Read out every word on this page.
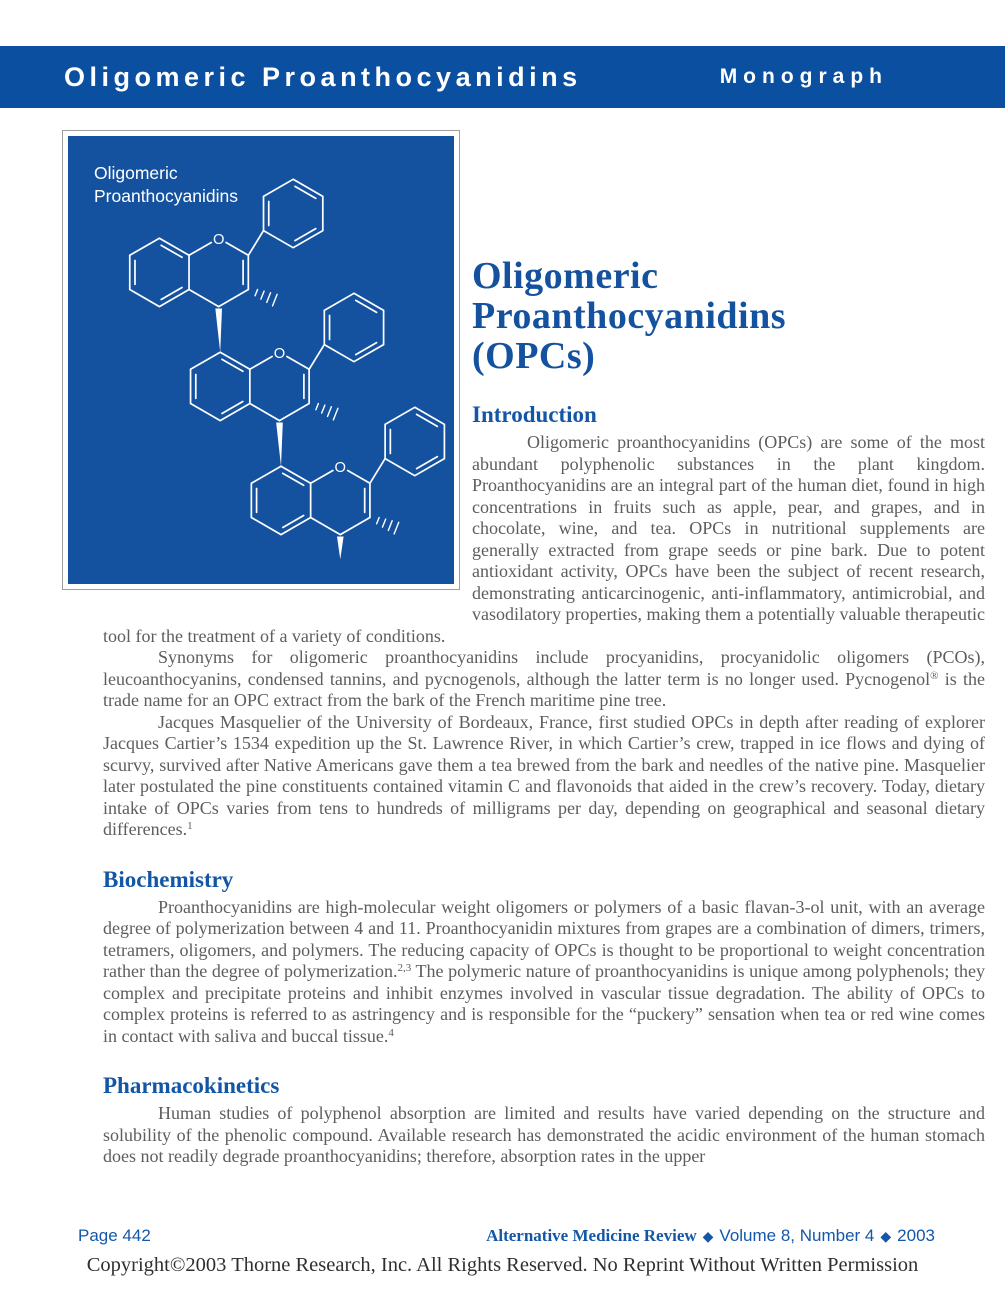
Oligomeric Proanthocyanidins	Monograph
Oligomeric
Proanthocyanidins
Oligomeric
Proanthocyanidins
(OPCs)
Introduction

Oligomeric proanthocyanidins (OPCs) are some of the most abundant polyphenolic substances in the plant kingdom. Proanthocyanidins are an integral part of the human diet, found in high concentrations in fruits such as apple, pear, and grapes, and in chocolate, wine, and tea. OPCs in nutritional supplements are generally extracted from grape seeds or pine bark. Due to potent antioxidant activity, OPCs have been the subject of recent research, demonstrating anticarcinogenic, anti-inflammatory, antimicrobial, and vasodilatory properties, making them a potentially valuable therapeutic tool for the treatment of a variety of conditions.

Synonyms for oligomeric proanthocyanidins include procyanidins, procyanidolic oligomers (PCOs), leucoanthocyanins, condensed tannins, and pycnogenols, although the latter term is no longer used. Pycnogenol® is the trade name for an OPC extract from the bark of the French maritime pine tree.

Jacques Masquelier of the University of Bordeaux, France, first studied OPCs in depth after reading of explorer Jacques Cartier’s 1534 expedition up the St. Lawrence River, in which Cartier’s crew, trapped in ice flows and dying of scurvy, survived after Native Americans gave them a tea brewed from the bark and needles of the native pine. Masquelier later postulated the pine constituents contained vitamin C and flavonoids that aided in the crew’s recovery. Today, dietary intake of OPCs varies from tens to hundreds of milligrams per day, depending on geographical and seasonal dietary differences.$^1$

Biochemistry

Proanthocyanidins are high-molecular weight oligomers or polymers of a basic flavan-3-ol unit, with an average degree of polymerization between 4 and 11. Proanthocyanidin mixtures from grapes are a combination of dimers, trimers, tetramers, oligomers, and polymers. The reducing capacity of OPCs is thought to be proportional to weight concentration rather than the degree of polymerization.$^{2,3}$ The polymeric nature of proanthocyanidins is unique among polyphenols; they complex and precipitate proteins and inhibit enzymes involved in vascular tissue degradation. The ability of OPCs to complex proteins is referred to as astringency and is responsible for the “puckery” sensation when tea or red wine comes in contact with saliva and buccal tissue.$^4$

Pharmacokinetics

Human studies of polyphenol absorption are limited and results have varied depending on the structure and solubility of the phenolic compound. Available research has demonstrated the acidic environment of the human stomach does not readily degrade proanthocyanidins; therefore, absorption rates in the upper

Page 442	Alternative Medicine Review ◆ Volume 8, Number 4 ◆ 2003
Copyright©2003 Thorne Research, Inc. All Rights Reserved. No Reprint Without Written Permission
